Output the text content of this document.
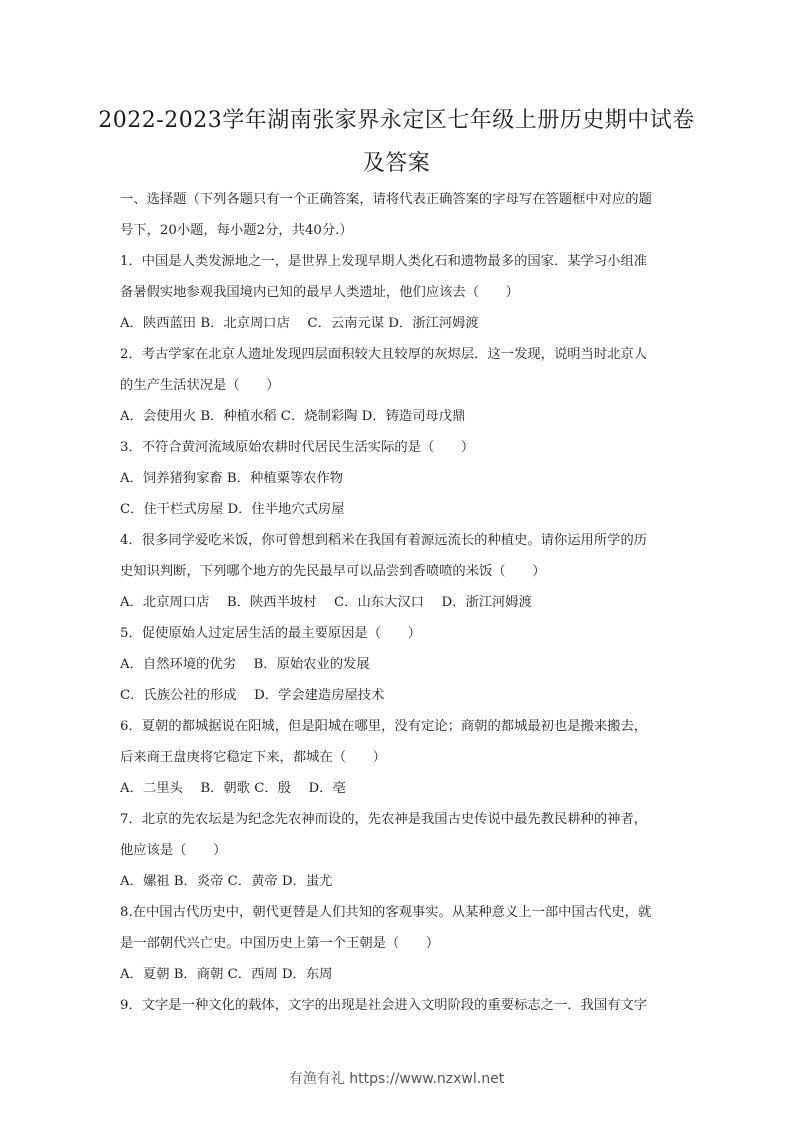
2022-2023学年湖南张家界永定区七年级上册历史期中试卷
及答案
一、选择题（下列各题只有一个正确答案，请将代表正确答案的字母写在答题框中对应的题
号下，20小题，每小题2分，共40分.）
1．中国是人类发源地之一，是世界上发现早期人类化石和遗物最多的国家．某学习小组准
备暑假实地参观我国境内已知的最早人类遗址，他们应该去（　　）
A．陕西蓝田 B．北京周口店　 C．云南元谋 D．浙江河姆渡
2．考古学家在北京人遗址发现四层面积较大且较厚的灰烬层．这一发现，说明当时北京人
的生产生活状况是（　　）
A．会使用火 B．种植水稻 C．烧制彩陶 D．铸造司母戊鼎
3．不符合黄河流域原始农耕时代居民生活实际的是（　　）
A．饲养猪狗家畜 B．种植粟等农作物
C．住干栏式房屋 D．住半地穴式房屋
4．很多同学爱吃米饭，你可曾想到稻米在我国有着源远流长的种植史。请你运用所学的历
史知识判断，下列哪个地方的先民最早可以品尝到香喷喷的米饭（　　）
A．北京周口店　 B．陕西半坡村　 C．山东大汉口　 D．浙江河姆渡
5．促使原始人过定居生活的最主要原因是（　　）
A．自然环境的优劣　 B．原始农业的发展
C．氏族公社的形成　 D．学会建造房屋技术
6．夏朝的都城据说在阳城，但是阳城在哪里，没有定论；商朝的都城最初也是搬来搬去，
后来商王盘庚将它稳定下来，都城在（　　）
A．二里头　 B．朝歌 C．殷　 D．亳
7．北京的先农坛是为纪念先农神而设的，先农神是我国古史传说中最先教民耕种的神者，
他应该是（　　）
A．嫘祖 B．炎帝 C．黄帝 D．蚩尤
8.在中国古代历史中，朝代更替是人们共知的客观事实。从某种意义上一部中国古代史，就
是一部朝代兴亡史。中国历史上第一个王朝是（　　）
A．夏朝 B．商朝 C．西周 D．东周
9．文字是一种文化的载体，文字的出现是社会进入文明阶段的重要标志之一．我国有文字
有渔有礼 https://www.nzxwl.net
